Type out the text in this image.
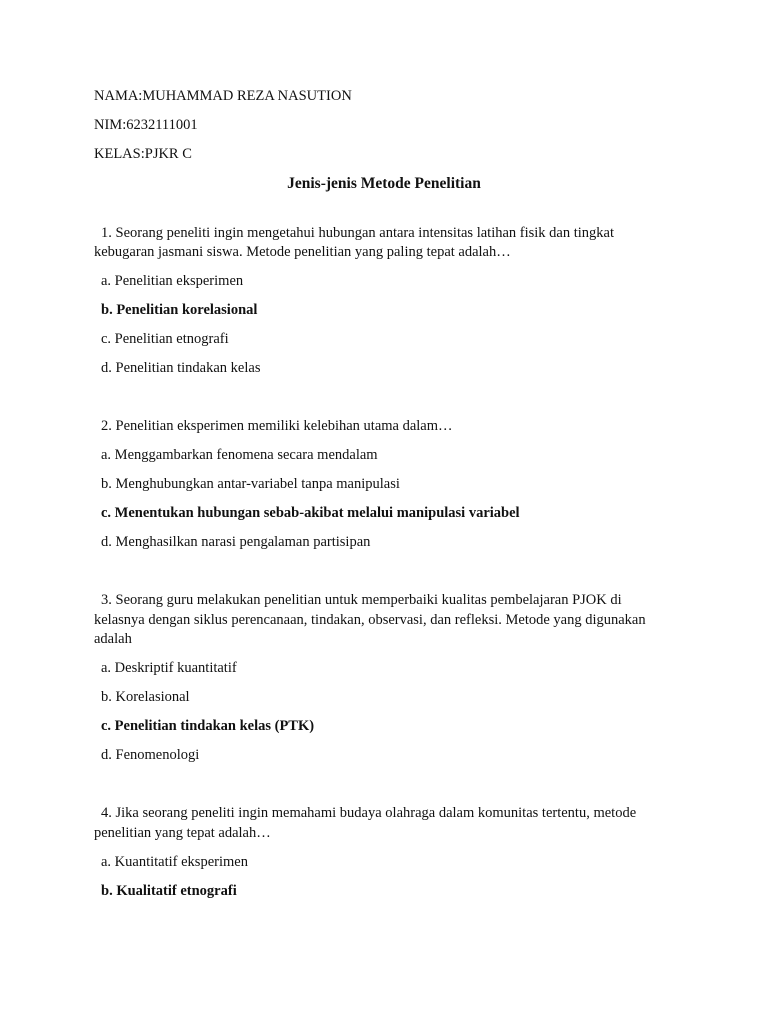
NAMA:MUHAMMAD REZA NASUTION

NIM:6232111001

KELAS:PJKR C

Jenis-jenis Metode Penelitian

1. Seorang peneliti ingin mengetahui hubungan antara intensitas latihan fisik dan tingkat kebugaran jasmani siswa. Metode penelitian yang paling tepat adalah…

a. Penelitian eksperimen

b. Penelitian korelasional

c. Penelitian etnografi

d. Penelitian tindakan kelas

2. Penelitian eksperimen memiliki kelebihan utama dalam…

a. Menggambarkan fenomena secara mendalam

b. Menghubungkan antar-variabel tanpa manipulasi

c. Menentukan hubungan sebab-akibat melalui manipulasi variabel

d. Menghasilkan narasi pengalaman partisipan

3. Seorang guru melakukan penelitian untuk memperbaiki kualitas pembelajaran PJOK di kelasnya dengan siklus perencanaan, tindakan, observasi, dan refleksi. Metode yang digunakan adalah

a. Deskriptif kuantitatif

b. Korelasional

c. Penelitian tindakan kelas (PTK)

d. Fenomenologi

4. Jika seorang peneliti ingin memahami budaya olahraga dalam komunitas tertentu, metode penelitian yang tepat adalah…

a. Kuantitatif eksperimen

b. Kualitatif etnografi
